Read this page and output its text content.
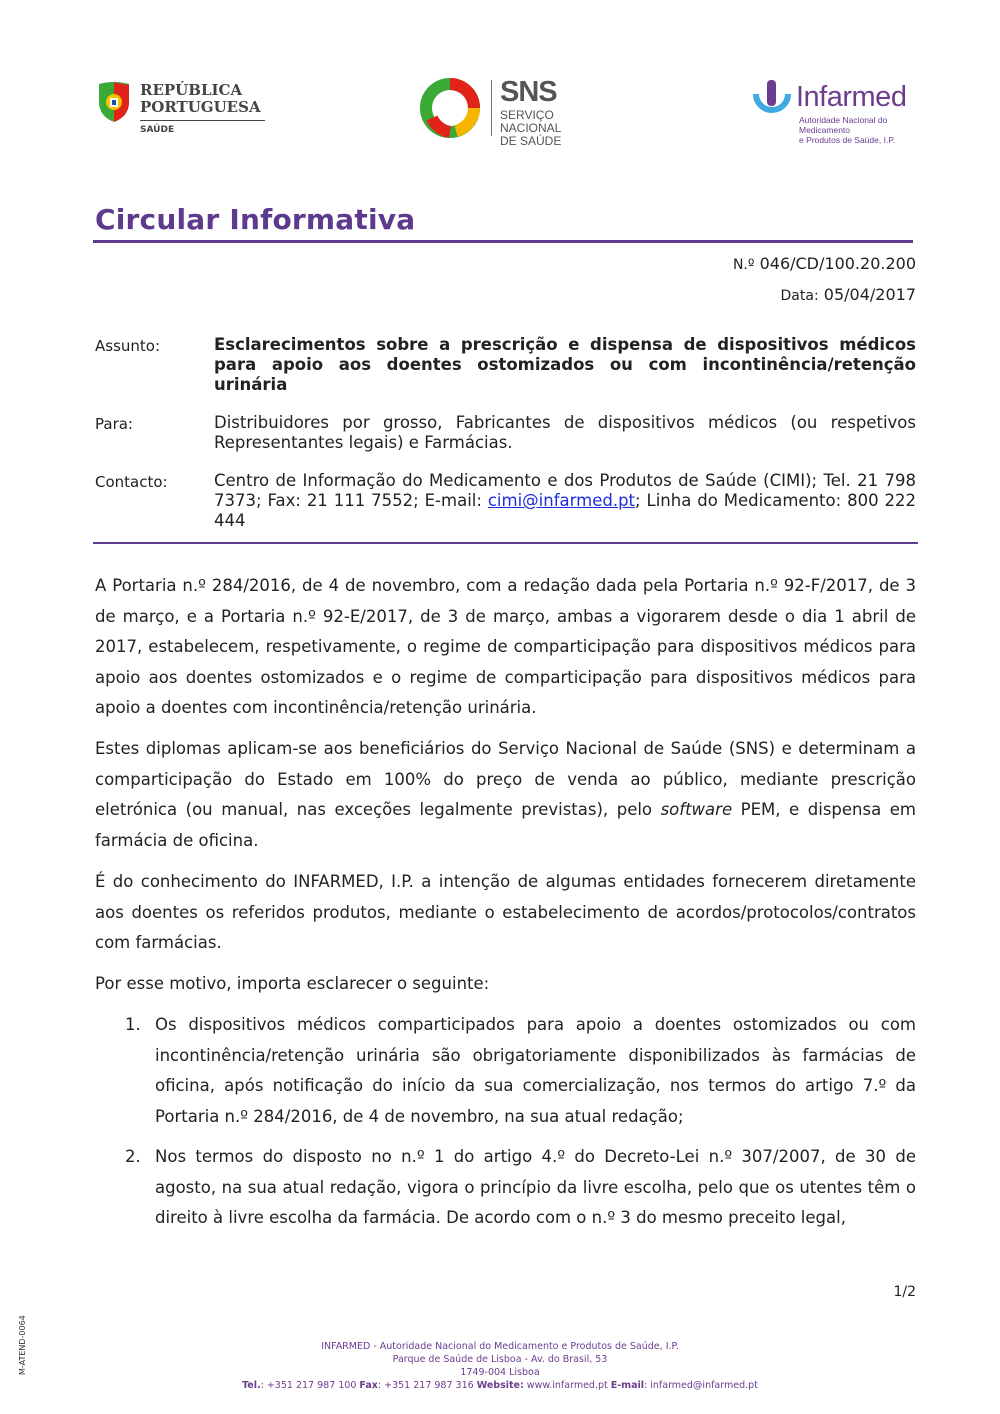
REPÚBLICA
PORTUGUESA
SAÚDE
SNS
SERVIÇO NACIONAL
DE SAÚDE
Infarmed
Autoridade Nacional do Medicamento
e Produtos de Saúde, I.P.
Circular Informativa
N.º 046/CD/100.20.200
Data: 05/04/2017
Assunto:	Esclarecimentos sobre a prescrição e dispensa de dispositivos médicos para apoio aos doentes ostomizados ou com incontinência/retenção urinária
Para:	Distribuidores por grosso, Fabricantes de dispositivos médicos (ou respetivos Representantes legais) e Farmácias.
Contacto:	Centro de Informação do Medicamento e dos Produtos de Saúde (CIMI); Tel. 21 798 7373; Fax: 21 111 7552; E-mail: cimi@infarmed.pt; Linha do Medicamento: 800 222 444
A Portaria n.º 284/2016, de 4 de novembro, com a redação dada pela Portaria n.º 92-F/2017, de 3 de março, e a Portaria n.º 92-E/2017, de 3 de março, ambas a vigorarem desde o dia 1 abril de 2017, estabelecem, respetivamente, o regime de comparticipação para dispositivos médicos para apoio aos doentes ostomizados e o regime de comparticipação para dispositivos médicos para apoio a doentes com incontinência/retenção urinária.
Estes diplomas aplicam-se aos beneficiários do Serviço Nacional de Saúde (SNS) e determinam a comparticipação do Estado em 100% do preço de venda ao público, mediante prescrição eletrónica (ou manual, nas exceções legalmente previstas), pelo software PEM, e dispensa em farmácia de oficina.
É do conhecimento do INFARMED, I.P. a intenção de algumas entidades fornecerem diretamente aos doentes os referidos produtos, mediante o estabelecimento de acordos/protocolos/contratos com farmácias.
Por esse motivo, importa esclarecer o seguinte:
1. Os dispositivos médicos comparticipados para apoio a doentes ostomizados ou com incontinência/retenção urinária são obrigatoriamente disponibilizados às farmácias de oficina, após notificação do início da sua comercialização, nos termos do artigo 7.º da Portaria n.º 284/2016, de 4 de novembro, na sua atual redação;
2. Nos termos do disposto no n.º 1 do artigo 4.º do Decreto-Lei n.º 307/2007, de 30 de agosto, na sua atual redação, vigora o princípio da livre escolha, pelo que os utentes têm o direito à livre escolha da farmácia. De acordo com o n.º 3 do mesmo preceito legal,
1/2
M-ATEND-0064	INFARMED - Autoridade Nacional do Medicamento e Produtos de Saúde, I.P.
Parque de Saúde de Lisboa - Av. do Brasil, 53
1749-004 Lisboa
Tel.: +351 217 987 100 Fax: +351 217 987 316 Website: www.infarmed.pt E-mail: infarmed@infarmed.pt
